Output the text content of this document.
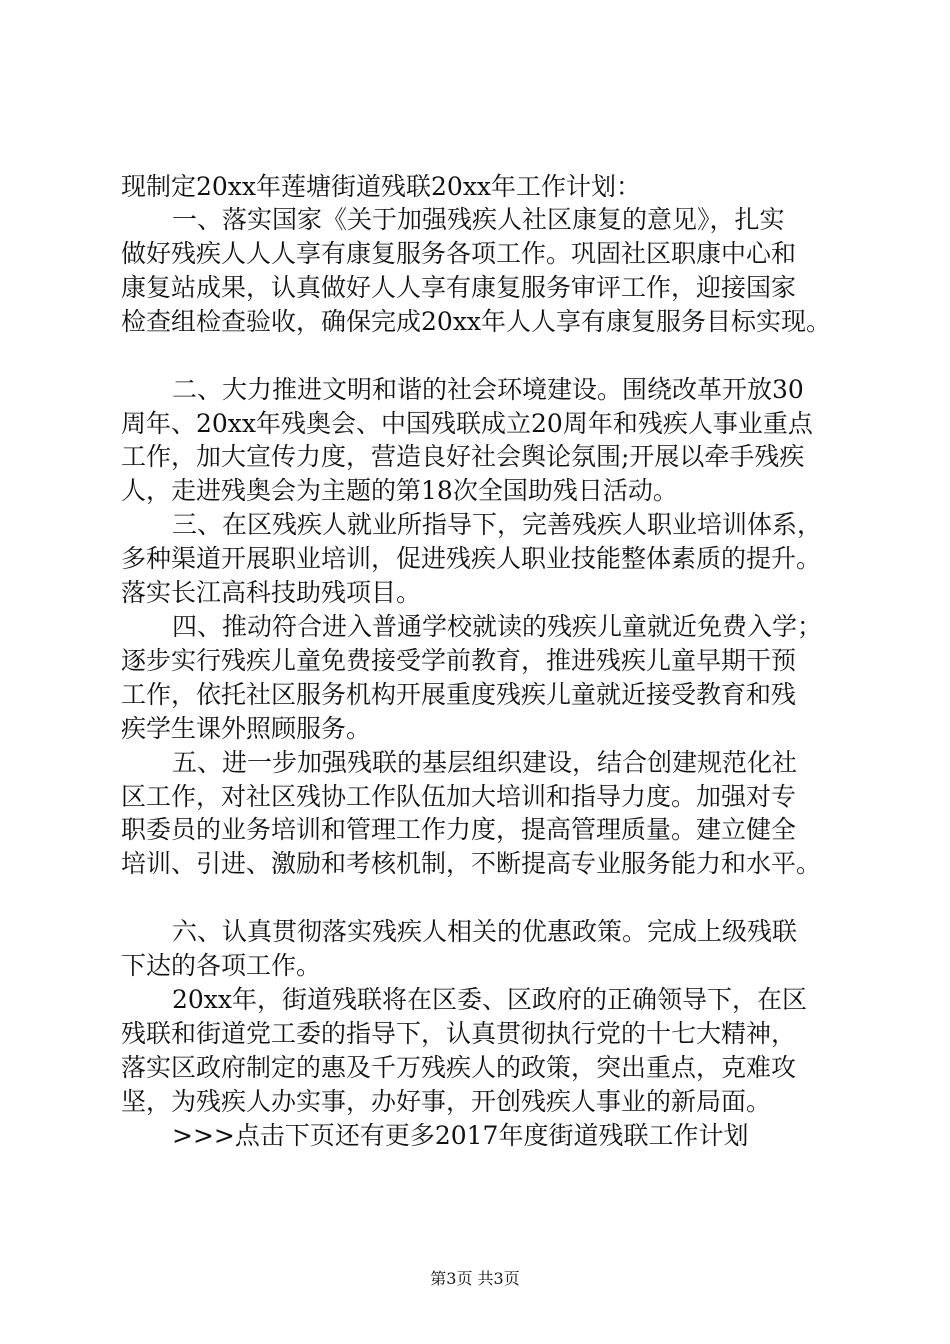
现制定20xx年莲塘街道残联20xx年工作计划：

一、落实国家《关于加强残疾人社区康复的意见》，扎实

做好残疾人人人享有康复服务各项工作。巩固社区职康中心和

康复站成果，认真做好人人享有康复服务审评工作，迎接国家

检查组检查验收，确保完成20xx年人人享有康复服务目标实现。

二、大力推进文明和谐的社会环境建设。围绕改革开放30

周年、20xx年残奥会、中国残联成立20周年和残疾人事业重点

工作，加大宣传力度，营造良好社会舆论氛围;开展以牵手残疾

人，走进残奥会为主题的第18次全国助残日活动。

三、在区残疾人就业所指导下，完善残疾人职业培训体系，

多种渠道开展职业培训，促进残疾人职业技能整体素质的提升。

落实长江高科技助残项目。

四、推动符合进入普通学校就读的残疾儿童就近免费入学；

逐步实行残疾儿童免费接受学前教育，推进残疾儿童早期干预

工作，依托社区服务机构开展重度残疾儿童就近接受教育和残

疾学生课外照顾服务。

五、进一步加强残联的基层组织建设，结合创建规范化社

区工作，对社区残协工作队伍加大培训和指导力度。加强对专

职委员的业务培训和管理工作力度，提高管理质量。建立健全

培训、引进、激励和考核机制，不断提高专业服务能力和水平。

六、认真贯彻落实残疾人相关的优惠政策。完成上级残联

下达的各项工作。

20xx年，街道残联将在区委、区政府的正确领导下，在区

残联和街道党工委的指导下，认真贯彻执行党的十七大精神，

落实区政府制定的惠及千万残疾人的政策，突出重点，克难攻

坚，为残疾人办实事，办好事，开创残疾人事业的新局面。

>>>点击下页还有更多2017年度街道残联工作计划

第3页 共3页
